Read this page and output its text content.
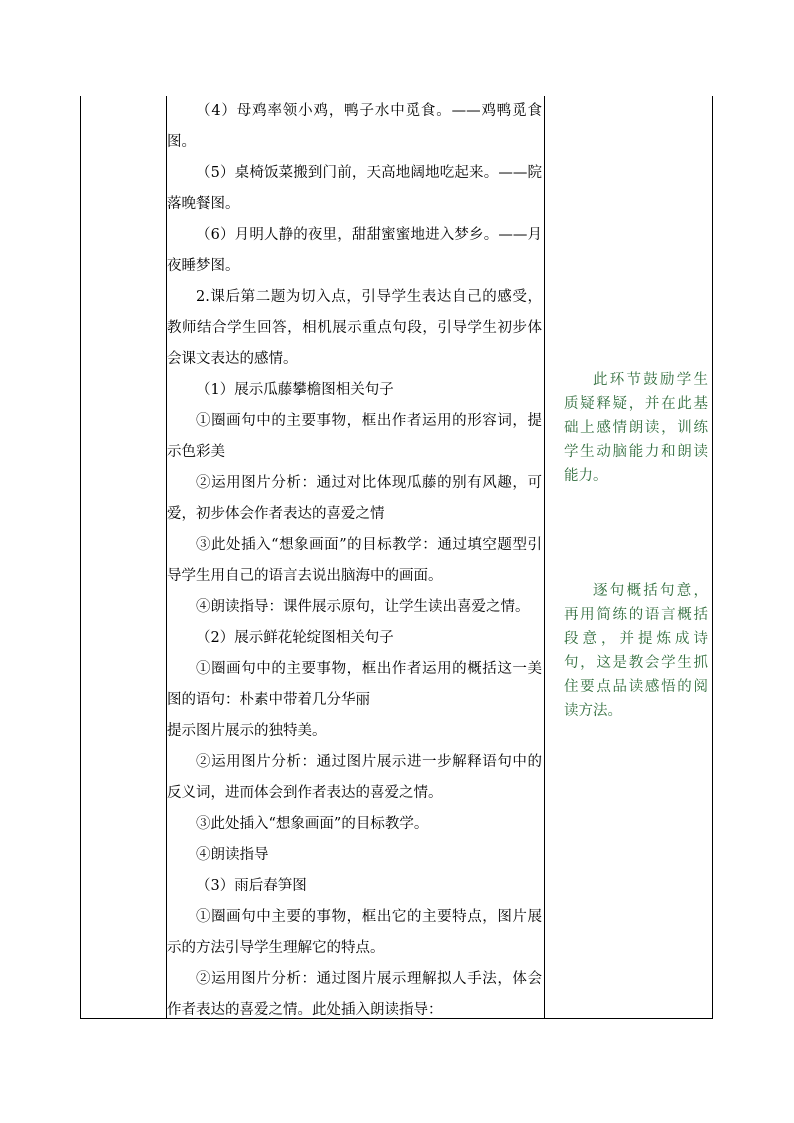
（4）母鸡率领小鸡，鸭子水中觅食。——鸡鸭觅食图。

（5）桌椅饭菜搬到门前，天高地阔地吃起来。——院落晚餐图。

（6）月明人静的夜里，甜甜蜜蜜地进入梦乡。——月夜睡梦图。

2.课后第二题为切入点，引导学生表达自己的感受，教师结合学生回答，相机展示重点句段，引导学生初步体会课文表达的感情。

（1）展示瓜藤攀檐图相关句子

①圈画句中的主要事物，框出作者运用的形容词，提示色彩美

②运用图片分析：通过对比体现瓜藤的别有风趣，可爱，初步体会作者表达的喜爱之情

③此处插入“想象画面”的目标教学：通过填空题型引导学生用自己的语言去说出脑海中的画面。

④朗读指导：课件展示原句，让学生读出喜爱之情。

（2）展示鲜花轮绽图相关句子

①圈画句中的主要事物，框出作者运用的概括这一美图的语句：朴素中带着几分华丽

提示图片展示的独特美。

②运用图片分析：通过图片展示进一步解释语句中的反义词，进而体会到作者表达的喜爱之情。

③此处插入“想象画面”的目标教学。

④朗读指导

（3）雨后春笋图

①圈画句中主要的事物，框出它的主要特点，图片展示的方法引导学生理解它的特点。

②运用图片分析：通过图片展示理解拟人手法，体会作者表达的喜爱之情。此处插入朗读指导：

此环节鼓励学生质疑释疑，并在此基础上感情朗读，训练学生动脑能力和朗读能力。

逐句概括句意，再用简练的语言概括段意，并提炼成诗句，这是教会学生抓住要点品读感悟的阅读方法。
